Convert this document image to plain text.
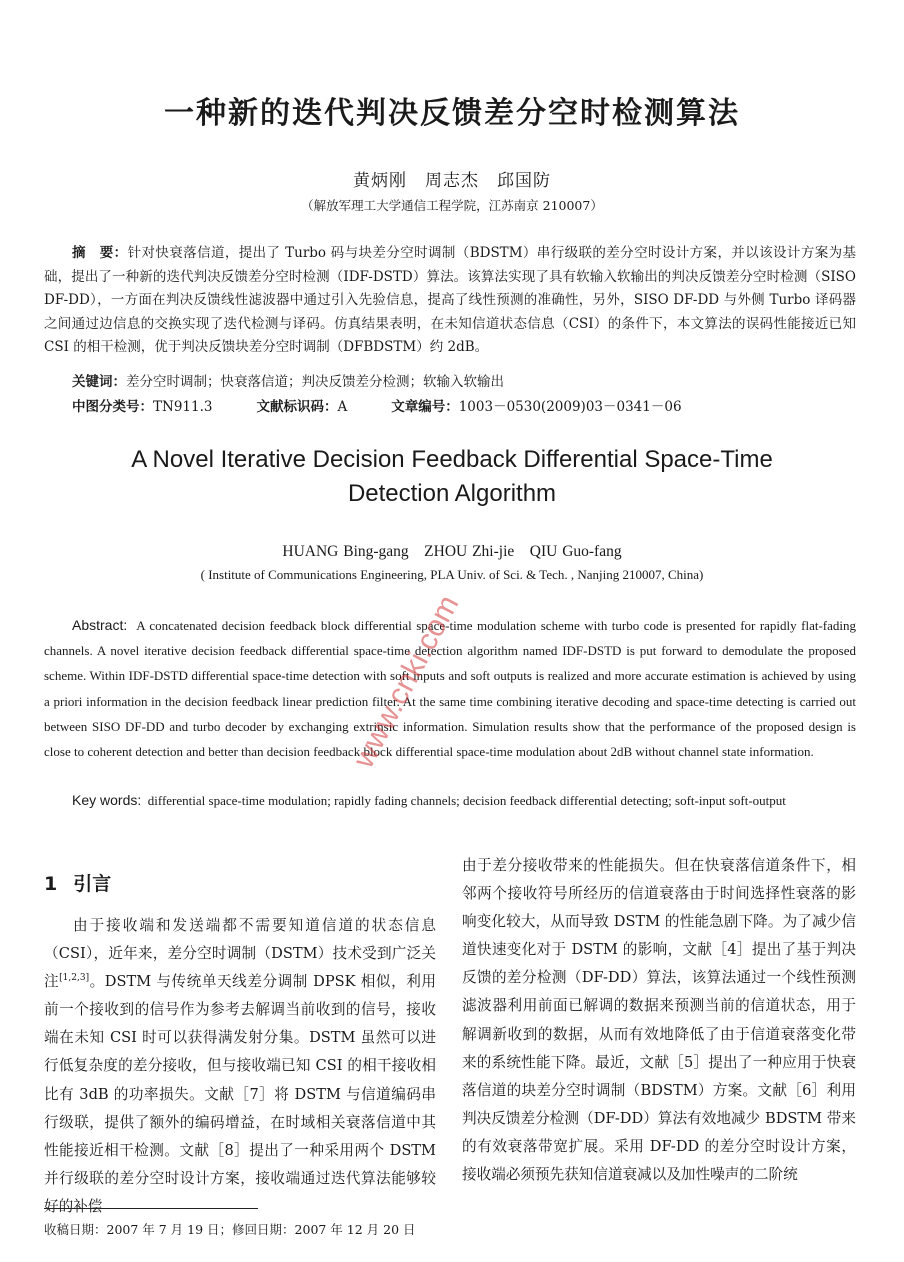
一种新的迭代判决反馈差分空时检测算法
黄炳刚　周志杰　邱国防
（解放军理工大学通信工程学院，江苏南京 210007）
摘　要：针对快衰落信道，提出了 Turbo 码与块差分空时调制（BDSTM）串行级联的差分空时设计方案，并以该设计方案为基础，提出了一种新的迭代判决反馈差分空时检测（IDF-DSTD）算法。该算法实现了具有软输入软输出的判决反馈差分空时检测（SISO DF-DD），一方面在判决反馈线性滤波器中通过引入先验信息，提高了线性预测的准确性，另外，SISO DF-DD 与外侧 Turbo 译码器之间通过边信息的交换实现了迭代检测与译码。仿真结果表明，在未知信道状态信息（CSI）的条件下，本文算法的误码性能接近已知 CSI 的相干检测，优于判决反馈块差分空时调制（DFBDSTM）约 2dB。
关键词：差分空时调制；快衰落信道；判决反馈差分检测；软输入软输出
中图分类号：TN911.3	文献标识码：A	文章编号：1003－0530(2009)03－0341－06
A Novel Iterative Decision Feedback Differential Space-Time Detection Algorithm
HUANG Bing-gang　ZHOU Zhi-jie　QIU Guo-fang
( Institute of Communications Engineering, PLA Univ. of Sci. & Tech. , Nanjing 210007, China)
Abstract: A concatenated decision feedback block differential space-time modulation scheme with turbo code is presented for rapidly flat-fading channels. A novel iterative decision feedback differential space-time detection algorithm named IDF-DSTD is put forward to demodulate the proposed scheme. Within IDF-DSTD differential space-time detection with soft inputs and soft outputs is realized and more accurate estimation is achieved by using a priori information in the decision feedback linear prediction filter. At the same time combining iterative decoding and space-time detecting is carried out between SISO DF-DD and turbo decoder by exchanging extrinsic information. Simulation results show that the performance of the proposed design is close to coherent detection and better than decision feedback block differential space-time modulation about 2dB without channel state information.
Key words: differential space-time modulation; rapidly fading channels; decision feedback differential detecting; soft-input soft-output
1 引言

由于接收端和发送端都不需要知道信道的状态信息（CSI），近年来，差分空时调制（DSTM）技术受到广泛关注[1,2,3]。DSTM 与传统单天线差分调制 DPSK 相似，利用前一个接收到的信号作为参考去解调当前收到的信号，接收端在未知 CSI 时可以获得满发射分集。DSTM 虽然可以进行低复杂度的差分接收，但与接收端已知 CSI 的相干接收相比有 3dB 的功率损失。文献［7］将 DSTM 与信道编码串行级联，提供了额外的编码增益，在时域相关衰落信道中其性能接近相干检测。文献［8］提出了一种采用两个 DSTM 并行级联的差分空时设计方案，接收端通过迭代算法能够较好的补偿

由于差分接收带来的性能损失。但在快衰落信道条件下，相邻两个接收符号所经历的信道衰落由于时间选择性衰落的影响变化较大，从而导致 DSTM 的性能急剧下降。为了减少信道快速变化对于 DSTM 的影响，文献［4］提出了基于判决反馈的差分检测（DF-DD）算法，该算法通过一个线性预测滤波器利用前面已解调的数据来预测当前的信道状态，用于解调新收到的数据，从而有效地降低了由于信道衰落变化带来的系统性能下降。最近，文献［5］提出了一种应用于快衰落信道的块差分空时调制（BDSTM）方案。文献［6］利用判决反馈差分检测（DF-DD）算法有效地减少 BDSTM 带来的有效衰落带宽扩展。采用 DF-DD 的差分空时设计方案，接收端必须预先获知信道衰减以及加性噪声的二阶统

收稿日期：2007 年 7 月 19 日；修回日期：2007 年 12 月 20 日
www.cnki.com
